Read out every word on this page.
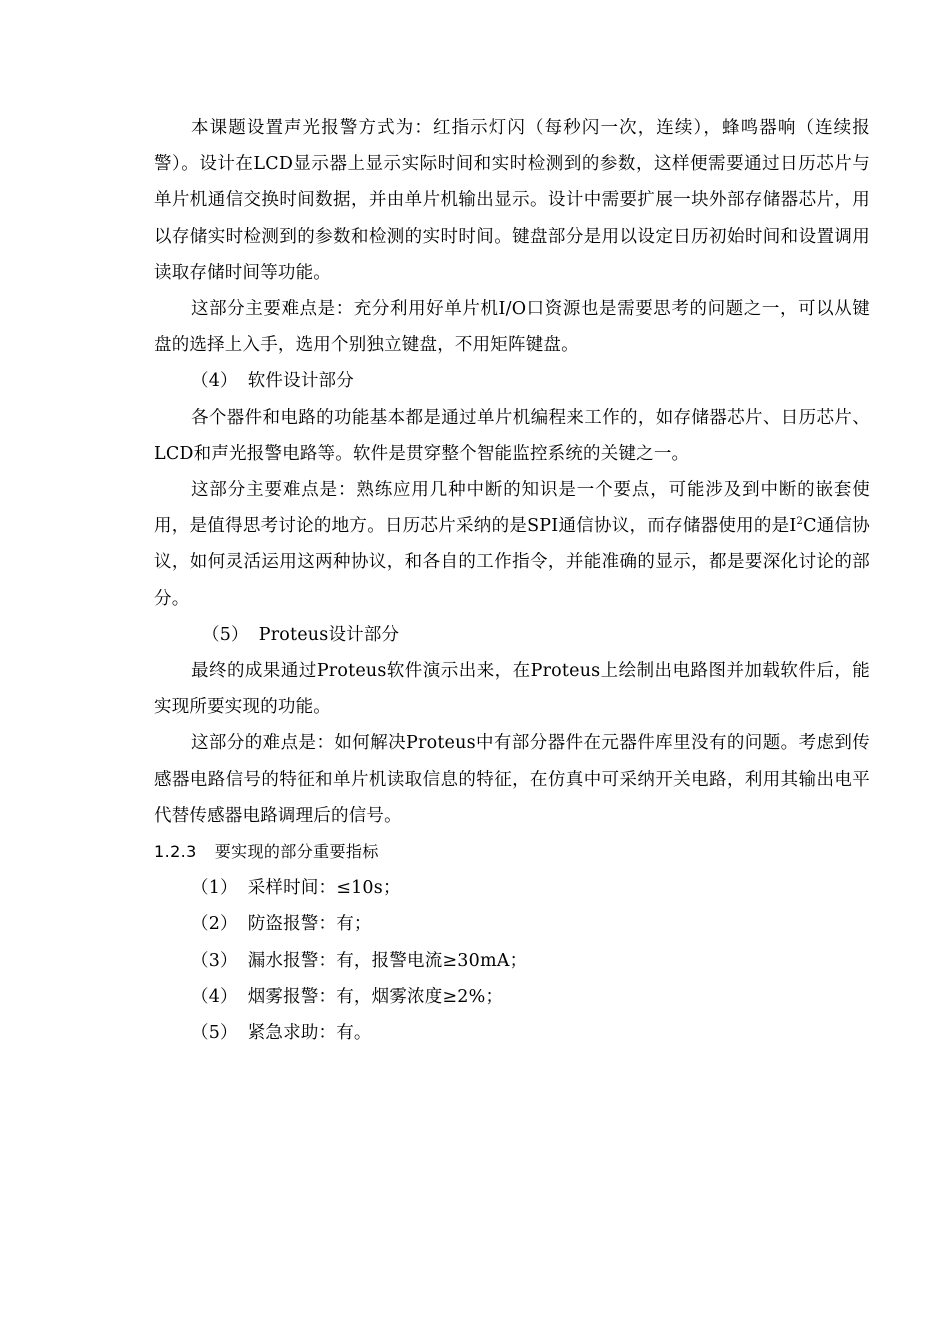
本课题设置声光报警方式为：红指示灯闪（每秒闪一次，连续），蜂鸣器响（连续报警）。设计在LCD显示器上显示实际时间和实时检测到的参数，这样便需要通过日历芯片与单片机通信交换时间数据，并由单片机输出显示。设计中需要扩展一块外部存储器芯片，用以存储实时检测到的参数和检测的实时时间。键盘部分是用以设定日历初始时间和设置调用读取存储时间等功能。

这部分主要难点是：充分利用好单片机I/O口资源也是需要思考的问题之一，可以从键盘的选择上入手，选用个别独立键盘，不用矩阵键盘。

（4） 软件设计部分

各个器件和电路的功能基本都是通过单片机编程来工作的，如存储器芯片、日历芯片、LCD和声光报警电路等。软件是贯穿整个智能监控系统的关键之一。

这部分主要难点是：熟练应用几种中断的知识是一个要点，可能涉及到中断的嵌套使用，是值得思考讨论的地方。日历芯片采纳的是SPI通信协议，而存储器使用的是$I^2C$通信协议，如何灵活运用这两种协议，和各自的工作指令，并能准确的显示，都是要深化讨论的部分。

（5） Proteus设计部分

最终的成果通过Proteus软件演示出来，在Proteus上绘制出电路图并加载软件后，能实现所要实现的功能。

这部分的难点是：如何解决Proteus中有部分器件在元器件库里没有的问题。考虑到传感器电路信号的特征和单片机读取信息的特征，在仿真中可采纳开关电路，利用其输出电平代替传感器电路调理后的信号。

1.2.3 要实现的部分重要指标

（1） 采样时间：≤10s；

（2） 防盗报警：有；

（3） 漏水报警：有，报警电流≥30mA；

（4） 烟雾报警：有，烟雾浓度≥2%；

（5） 紧急求助：有。
